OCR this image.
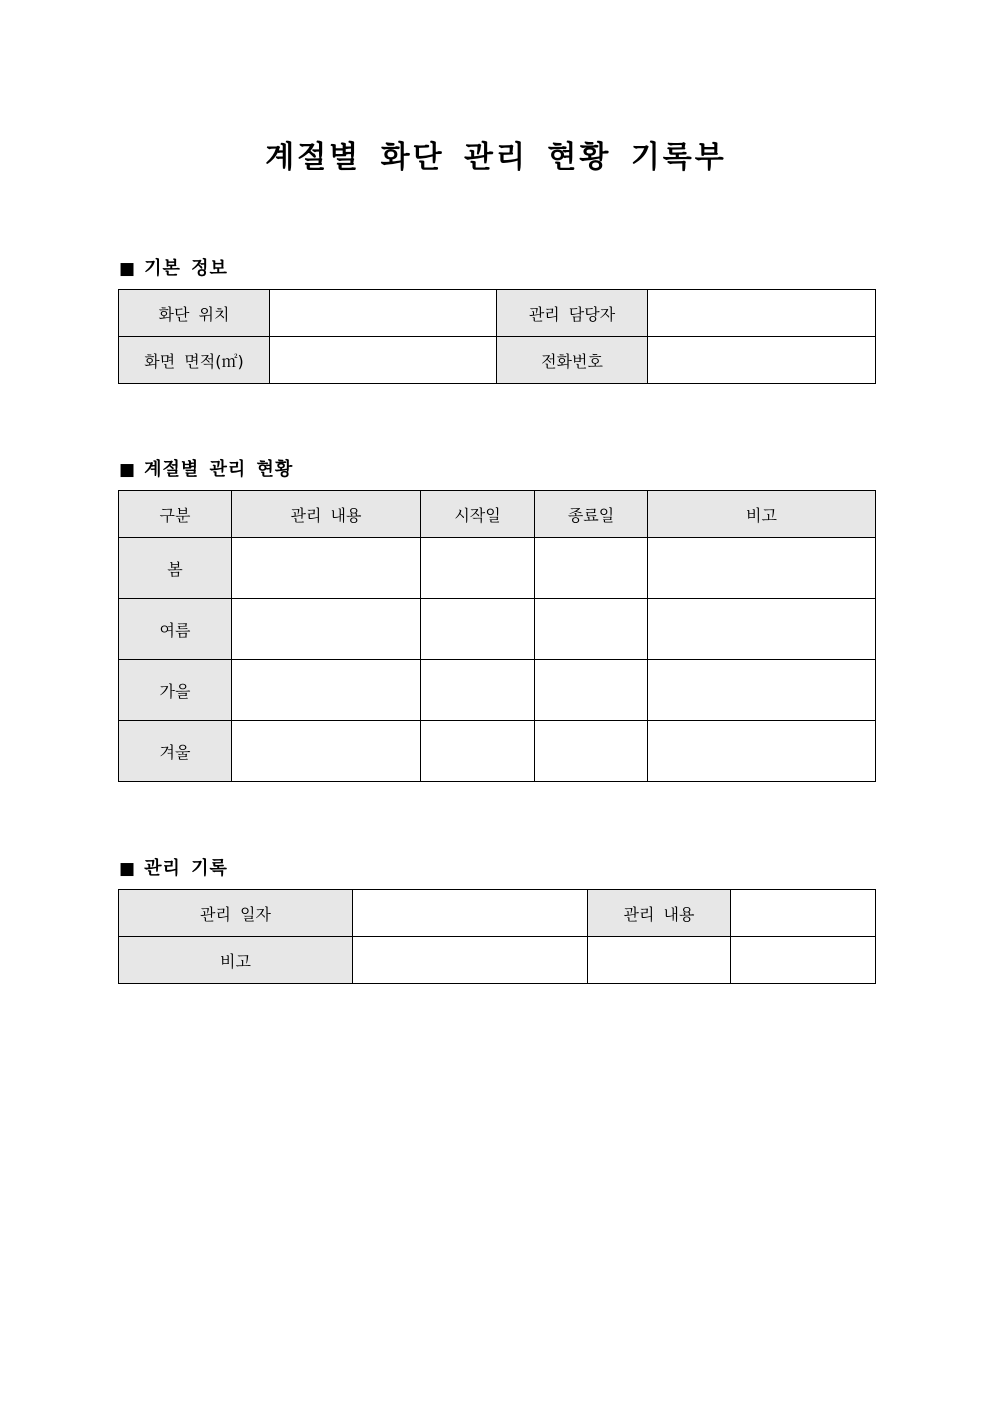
계절별 화단 관리 현황 기록부
■ 기본 정보
화단 위치		관리 담당자	
화면 면적(㎡)		전화번호	
■ 계절별 관리 현황
구분	관리 내용	시작일	종료일	비고
봄				
여름				
가을				
겨울				
■ 관리 기록
관리 일자		관리 내용	
비고			
